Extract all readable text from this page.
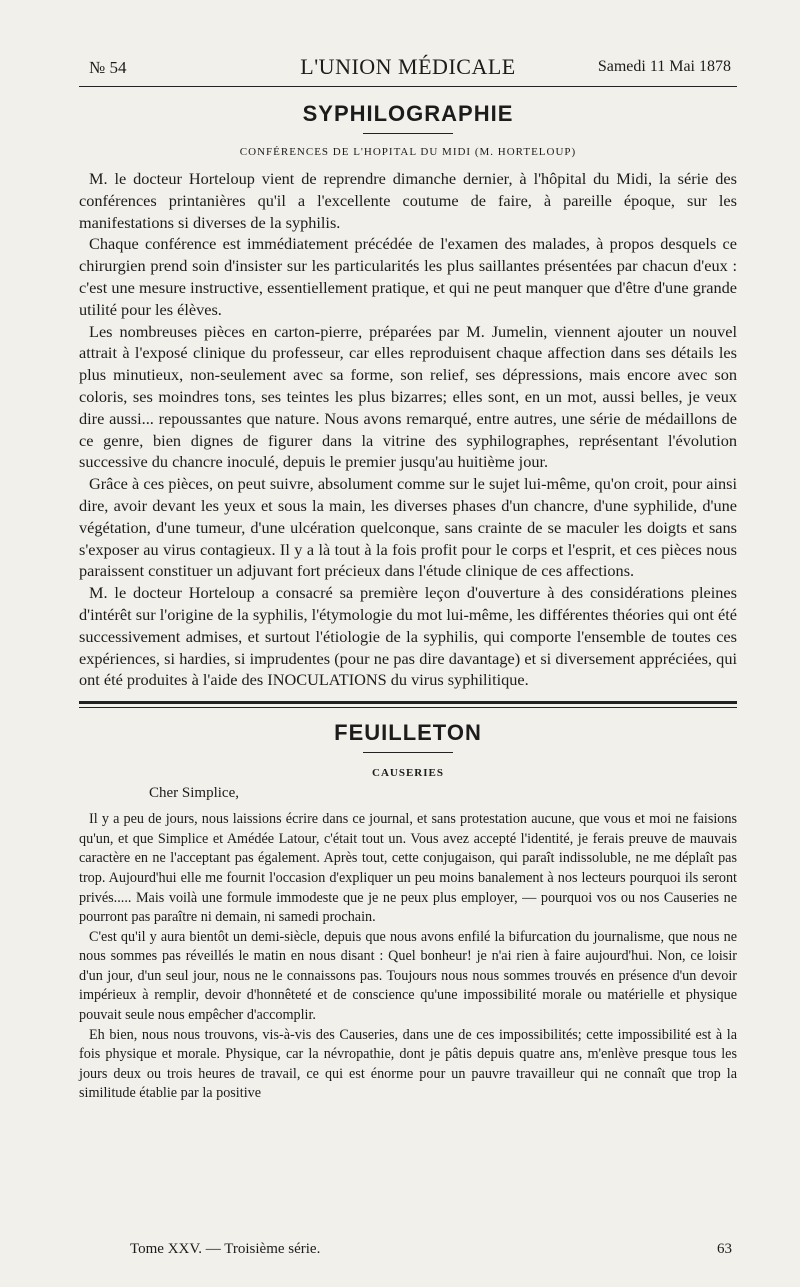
№ 54	L'UNION MÉDICALE	Samedi 11 Mai 1878
SYPHILOGRAPHIE
CONFÉRENCES DE L'HOPITAL DU MIDI (M. HORTELOUP)

M. le docteur Horteloup vient de reprendre dimanche dernier, à l'hôpital du Midi, la série des conférences printanières qu'il a l'excellente coutume de faire, à pareille époque, sur les manifestations si diverses de la syphilis.

Chaque conférence est immédiatement précédée de l'examen des malades, à propos desquels ce chirurgien prend soin d'insister sur les particularités les plus saillantes présentées par chacun d'eux : c'est une mesure instructive, essentiellement pratique, et qui ne peut manquer que d'être d'une grande utilité pour les élèves.

Les nombreuses pièces en carton-pierre, préparées par M. Jumelin, viennent ajouter un nouvel attrait à l'exposé clinique du professeur, car elles reproduisent chaque affection dans ses détails les plus minutieux, non-seulement avec sa forme, son relief, ses dépressions, mais encore avec son coloris, ses moindres tons, ses teintes les plus bizarres; elles sont, en un mot, aussi belles, je veux dire aussi... repoussantes que nature. Nous avons remarqué, entre autres, une série de médaillons de ce genre, bien dignes de figurer dans la vitrine des syphilographes, représentant l'évolution successive du chancre inoculé, depuis le premier jusqu'au huitième jour.

Grâce à ces pièces, on peut suivre, absolument comme sur le sujet lui-même, qu'on croit, pour ainsi dire, avoir devant les yeux et sous la main, les diverses phases d'un chancre, d'une syphilide, d'une végétation, d'une tumeur, d'une ulcération quelconque, sans crainte de se maculer les doigts et sans s'exposer au virus contagieux. Il y a là tout à la fois profit pour le corps et l'esprit, et ces pièces nous paraissent constituer un adjuvant fort précieux dans l'étude clinique de ces affections.

M. le docteur Horteloup a consacré sa première leçon d'ouverture à des considérations pleines d'intérêt sur l'origine de la syphilis, l'étymologie du mot lui-même, les différentes théories qui ont été successivement admises, et surtout l'étiologie de la syphilis, qui comporte l'ensemble de toutes ces expériences, si hardies, si imprudentes (pour ne pas dire davantage) et si diversement appréciées, qui ont été produites à l'aide des INOCULATIONS du virus syphilitique.

FEUILLETON
CAUSERIES
Cher Simplice,

Il y a peu de jours, nous laissions écrire dans ce journal, et sans protestation aucune, que vous et moi ne faisions qu'un, et que Simplice et Amédée Latour, c'était tout un. Vous avez accepté l'identité, je ferais preuve de mauvais caractère en ne l'acceptant pas également. Après tout, cette conjugaison, qui paraît indissoluble, ne me déplaît pas trop. Aujourd'hui elle me fournit l'occasion d'expliquer un peu moins banalement à nos lecteurs pourquoi ils seront privés..... Mais voilà une formule immodeste que je ne peux plus employer, — pourquoi vos ou nos Causeries ne pourront pas paraître ni demain, ni samedi prochain.

C'est qu'il y aura bientôt un demi-siècle, depuis que nous avons enfilé la bifurcation du journalisme, que nous ne nous sommes pas réveillés le matin en nous disant : Quel bonheur! je n'ai rien à faire aujourd'hui. Non, ce loisir d'un jour, d'un seul jour, nous ne le connaissons pas. Toujours nous nous sommes trouvés en présence d'un devoir impérieux à remplir, devoir d'honnêteté et de conscience qu'une impossibilité morale ou matérielle et physique pouvait seule nous empêcher d'accomplir.

Eh bien, nous nous trouvons, vis-à-vis des Causeries, dans une de ces impossibilités; cette impossibilité est à la fois physique et morale. Physique, car la névropathie, dont je pâtis depuis quatre ans, m'enlève presque tous les jours deux ou trois heures de travail, ce qui est énorme pour un pauvre travailleur qui ne connaît que trop la similitude établie par la positive

Tome XXV. — Troisième série.	63
